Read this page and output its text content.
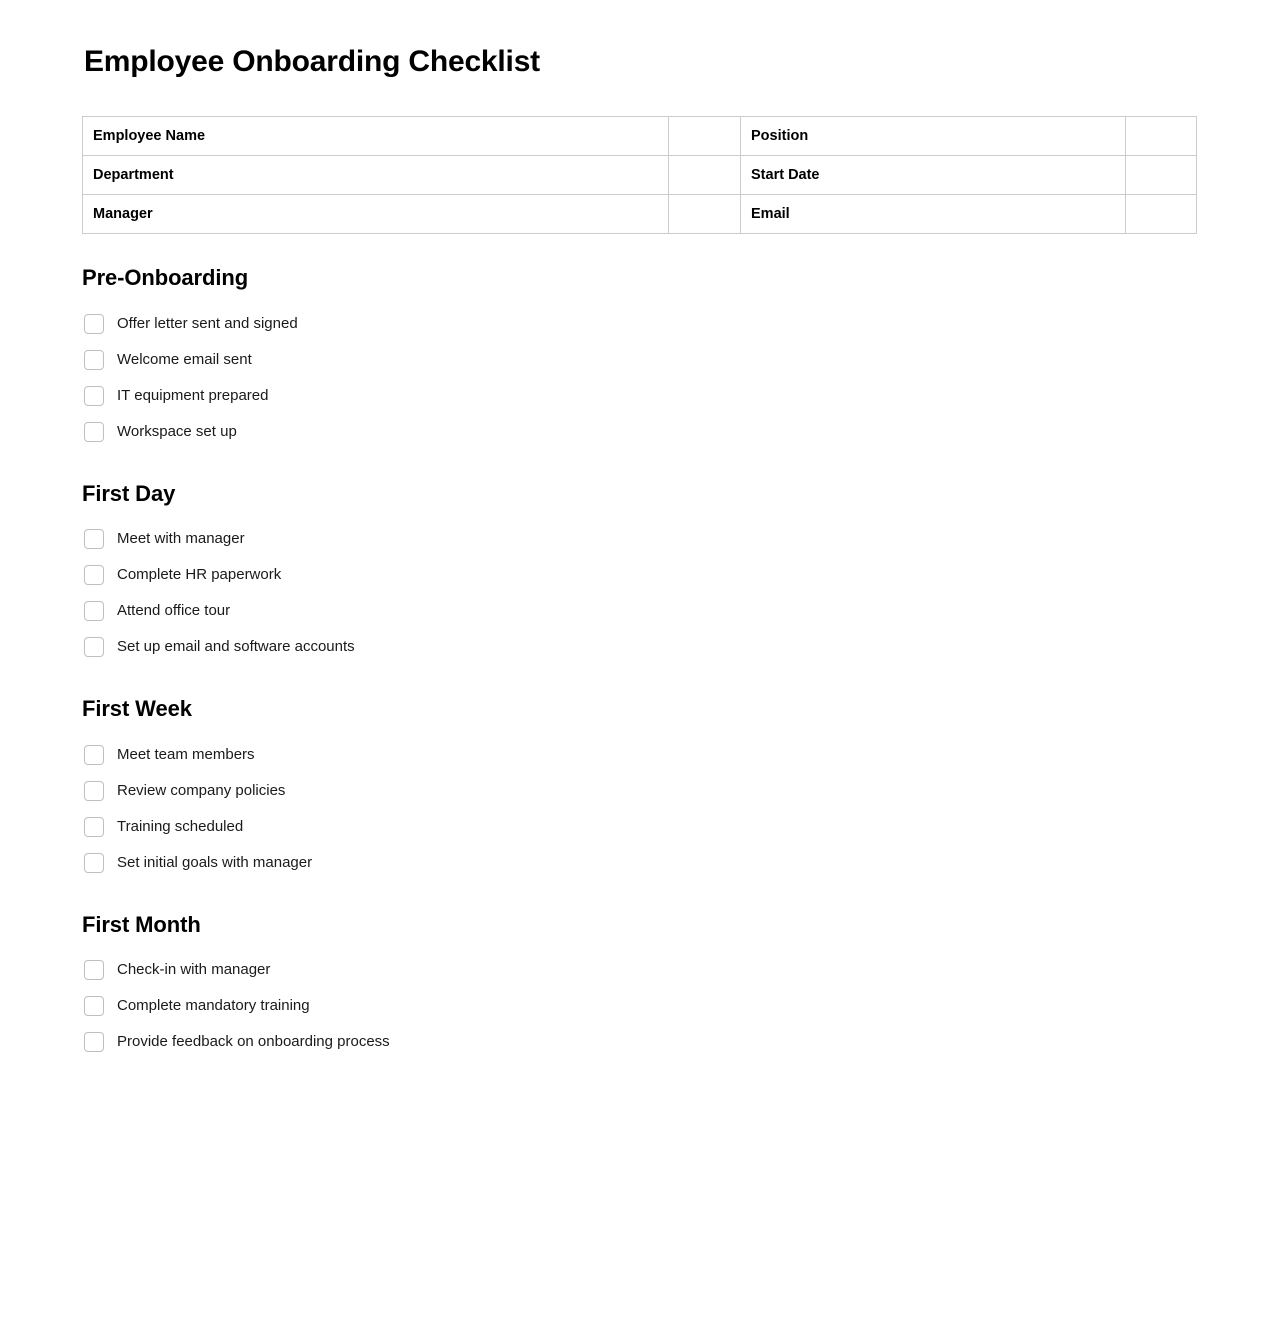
Employee Onboarding Checklist
Employee Name		Position	
Department		Start Date	
Manager		Email	
Pre-Onboarding
Offer letter sent and signed
Welcome email sent
IT equipment prepared
Workspace set up
First Day
Meet with manager
Complete HR paperwork
Attend office tour
Set up email and software accounts
First Week
Meet team members
Review company policies
Training scheduled
Set initial goals with manager
First Month
Check-in with manager
Complete mandatory training
Provide feedback on onboarding process
